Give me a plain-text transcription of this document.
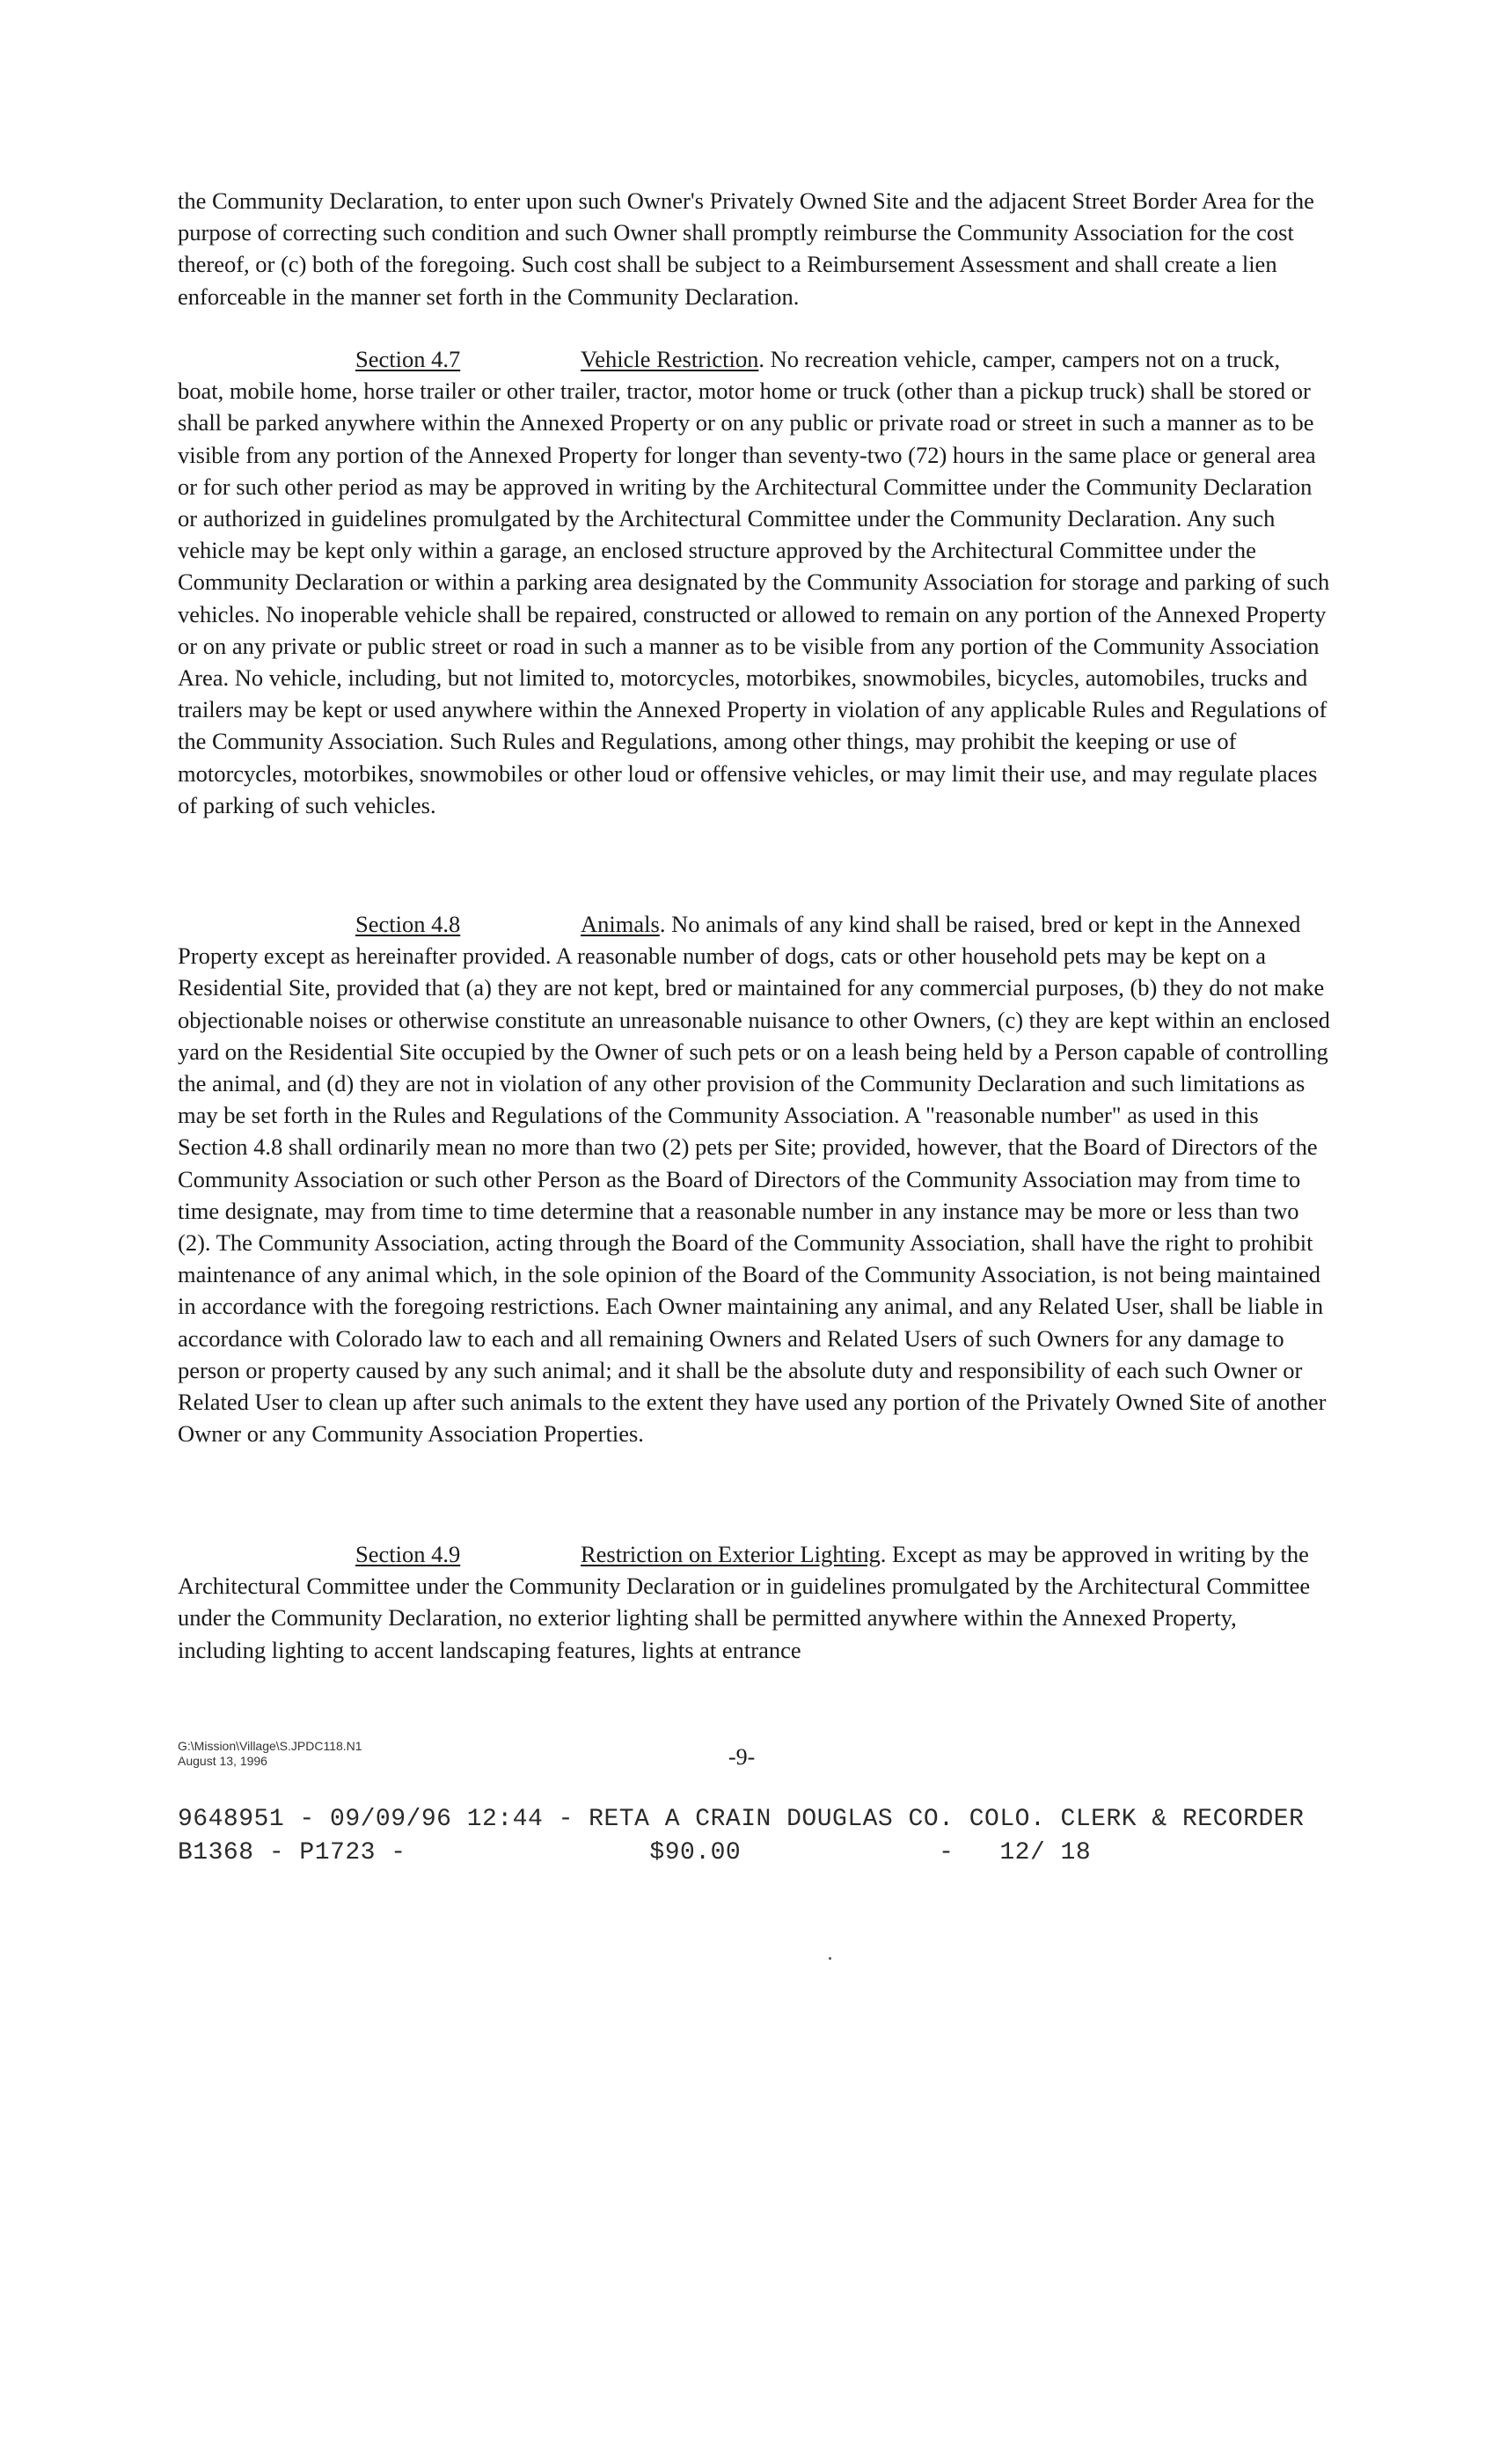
the Community Declaration, to enter upon such Owner's Privately Owned Site and the adjacent Street Border Area for the purpose of correcting such condition and such Owner shall promptly reimburse the Community Association for the cost thereof, or (c) both of the foregoing. Such cost shall be subject to a Reimbursement Assessment and shall create a lien enforceable in the manner set forth in the Community Declaration.

Section 4.7	Vehicle Restriction. No recreation vehicle, camper, campers not on a truck, boat, mobile home, horse trailer or other trailer, tractor, motor home or truck (other than a pickup truck) shall be stored or shall be parked anywhere within the Annexed Property or on any public or private road or street in such a manner as to be visible from any portion of the Annexed Property for longer than seventy-two (72) hours in the same place or general area or for such other period as may be approved in writing by the Architectural Committee under the Community Declaration or authorized in guidelines promulgated by the Architectural Committee under the Community Declaration. Any such vehicle may be kept only within a garage, an enclosed structure approved by the Architectural Committee under the Community Declaration or within a parking area designated by the Community Association for storage and parking of such vehicles. No inoperable vehicle shall be repaired, constructed or allowed to remain on any portion of the Annexed Property or on any private or public street or road in such a manner as to be visible from any portion of the Community Association Area. No vehicle, including, but not limited to, motorcycles, motorbikes, snowmobiles, bicycles, automobiles, trucks and trailers may be kept or used anywhere within the Annexed Property in violation of any applicable Rules and Regulations of the Community Association. Such Rules and Regulations, among other things, may prohibit the keeping or use of motorcycles, motorbikes, snowmobiles or other loud or offensive vehicles, or may limit their use, and may regulate places of parking of such vehicles.

Section 4.8	Animals. No animals of any kind shall be raised, bred or kept in the Annexed Property except as hereinafter provided. A reasonable number of dogs, cats or other household pets may be kept on a Residential Site, provided that (a) they are not kept, bred or maintained for any commercial purposes, (b) they do not make objectionable noises or otherwise constitute an unreasonable nuisance to other Owners, (c) they are kept within an enclosed yard on the Residential Site occupied by the Owner of such pets or on a leash being held by a Person capable of controlling the animal, and (d) they are not in violation of any other provision of the Community Declaration and such limitations as may be set forth in the Rules and Regulations of the Community Association. A "reasonable number" as used in this Section 4.8 shall ordinarily mean no more than two (2) pets per Site; provided, however, that the Board of Directors of the Community Association or such other Person as the Board of Directors of the Community Association may from time to time designate, may from time to time determine that a reasonable number in any instance may be more or less than two (2). The Community Association, acting through the Board of the Community Association, shall have the right to prohibit maintenance of any animal which, in the sole opinion of the Board of the Community Association, is not being maintained in accordance with the foregoing restrictions. Each Owner maintaining any animal, and any Related User, shall be liable in accordance with Colorado law to each and all remaining Owners and Related Users of such Owners for any damage to person or property caused by any such animal; and it shall be the absolute duty and responsibility of each such Owner or Related User to clean up after such animals to the extent they have used any portion of the Privately Owned Site of another Owner or any Community Association Properties.

Section 4.9	Restriction on Exterior Lighting. Except as may be approved in writing by the Architectural Committee under the Community Declaration or in guidelines promulgated by the Architectural Committee under the Community Declaration, no exterior lighting shall be permitted anywhere within the Annexed Property, including lighting to accent landscaping features, lights at entrance

G:\Mission\Village\S.JPDC118.N1
August 13, 1996	-9-
9648951 - 09/09/96 12:44 - RETA A CRAIN DOUGLAS CO. COLO. CLERK & RECORDER
B1368 - P1723 -                $90.00             -   12/ 18
